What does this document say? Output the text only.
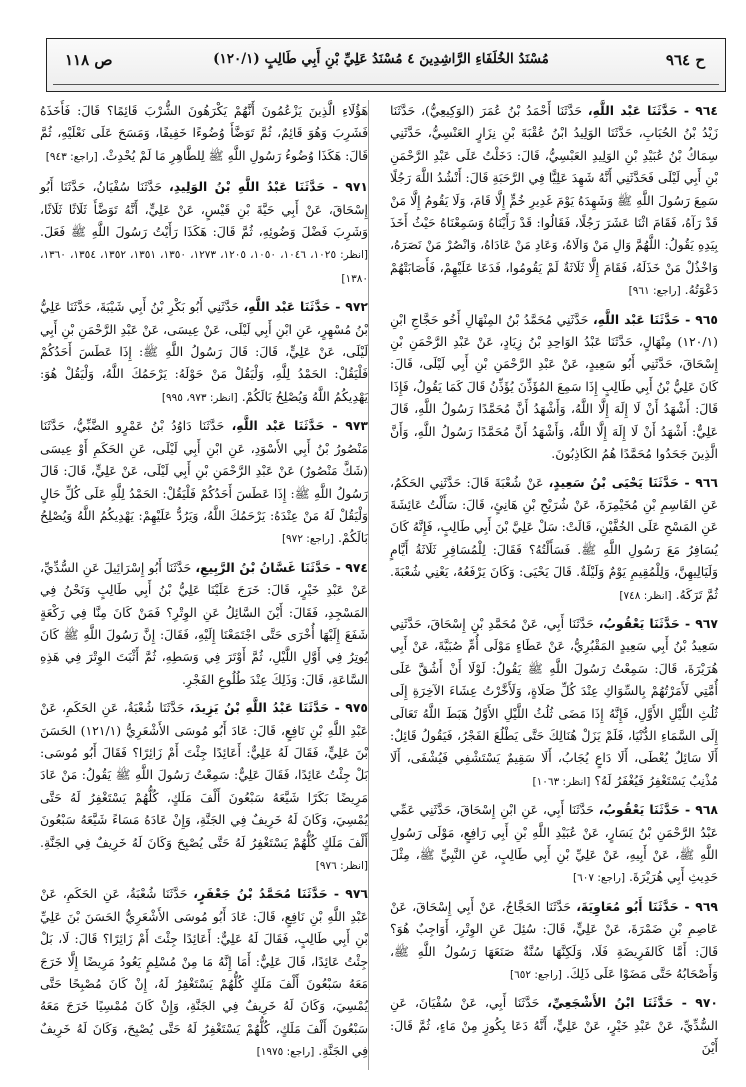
ص ١١٨	مُسْنَدُ الخُلَفَاءِ الرَّاشِدِينَ ٤ مُسْنَدُ عَلِيِّ بْنِ أَبِي طَالِبٍ (١٢٠/١)	ح ٩٦٤

٩٦٤ - حَدَّثَنَا عَبْد اللَّهِ، حَدَّثَنَا أَحْمَدُ بْنُ عُمَرَ (الوَكِيعِيُّ)، حَدَّثَنَا زَيْدُ بْنُ الحُبَابِ، حَدَّثَنَا الوَلِيدُ ابْنُ عُقْبَةَ بْنِ نِزَارٍ العَنْسِيُّ، حَدَّثَنِي سِمَاكُ بْنُ عُبَيْدِ بْنِ الوَلِيدِ العَبْسِيُّ، قَالَ: دَخَلْتُ عَلَى عَبْدِ الرَّحْمَنِ بْنِ أَبِي لَيْلَى فَحَدَّثَنِي أَنَّهُ شَهِدَ عَلِيًّا فِي الرَّحَبَةِ قَالَ: أَنْشُدُ اللَّهَ رَجُلًا سَمِعَ رَسُولَ اللَّهِ ﷺ وَشَهِدَهُ يَوْمَ غَدِيرِ خُمٍّ إِلَّا قَامَ، وَلَا يَقُومُ إِلَّا مَنْ قَدْ رَآهُ، فَقَامَ اثْنَا عَشَرَ رَجُلًا، فَقَالُوا: قَدْ رَأَيْنَاهُ وَسَمِعْنَاهُ حَيْثُ أَخَذَ بِيَدِهِ يَقُولُ: اللَّهُمَّ وَالِ مَنْ وَالَاهُ، وَعَادِ مَنْ عَادَاهُ، وَانْصُرْ مَنْ نَصَرَهُ، وَاخْذُلْ مَنْ خَذَلَهُ، فَقَامَ إِلَّا ثَلَاثَةٌ لَمْ يَقُومُوا، فَدَعَا عَلَيْهِمْ، فَأَصَابَتْهُمْ دَعْوَتُهُ. [راجع: ٩٦١]

٩٦٥ - حَدَّثَنَا عَبْد اللَّهِ، حَدَّثَنِي مُحَمَّدُ بْنُ المِنْهَالِ أَخُو حَجَّاجِ ابْنِ (١٢٠/١) مِنْهَالٍ، حَدَّثَنَا عَبْدُ الوَاحِدِ بْنُ زِيَادٍ، عَنْ عَبْدِ الرَّحْمَنِ بْنِ إِسْحَاقَ، حَدَّثَنِي أَبُو سَعِيدٍ، عَنْ عَبْدِ الرَّحْمَنِ بْنِ أَبِي لَيْلَى، قَالَ: كَانَ عَلِيُّ بْنُ أَبِي طَالِبٍ إِذَا سَمِعَ المُؤَذِّنَ يُؤَذِّنُ قَالَ كَمَا يَقُولُ، فَإِذَا قَالَ: أَشْهَدُ أَنْ لَا إِلَهَ إِلَّا اللَّهُ، وَأَشْهَدُ أَنَّ مُحَمَّدًا رَسُولُ اللَّهِ، قَالَ عَلِيٌّ: أَشْهَدُ أَنْ لَا إِلَهَ إِلَّا اللَّهُ، وَأَشْهَدُ أَنَّ مُحَمَّدًا رَسُولُ اللَّهِ، وَأَنَّ الَّذِينَ جَحَدُوا مُحَمَّدًا هُمُ الكَاذِبُونَ.

٩٦٦ - حَدَّثَنَا يَحْيَى بْنُ سَعِيدٍ، عَنْ شُعْبَةَ قَالَ: حَدَّثَنِي الحَكَمُ، عَنِ القَاسِمِ بْنِ مُخَيْمِرَةَ، عَنْ شُرَيْحِ بْنِ هَانِئٍ، قَالَ: سَأَلْتُ عَائِشَةَ عَنِ المَسْحِ عَلَى الخُفَّيْنِ، قَالَتْ: سَلْ عَلِيَّ بْنَ أَبِي طَالِبٍ، فَإِنَّهُ كَانَ يُسَافِرُ مَعَ رَسُولِ اللَّهِ ﷺ. فَسَأَلْتُهُ؟ فَقَالَ: لِلْمُسَافِرِ ثَلَاثَةُ أَيَّامٍ وَلَيَالِيهِنَّ، وَلِلْمُقِيمِ يَوْمٌ وَلَيْلَةٌ. قَالَ يَحْيَى: وَكَانَ يَرْفَعُهُ، يَعْنِي شُعْبَةَ. ثُمَّ تَرَكَهُ. [انظر: ٧٤٨]

٩٦٧ - حَدَّثَنَا يَعْقُوبُ، حَدَّثَنَا أَبِي، عَنْ مُحَمَّدِ بْنِ إِسْحَاقَ، حَدَّثَنِي سَعِيدُ بْنُ أَبِي سَعِيدٍ المَقْبُرِيُّ، عَنْ عَطَاءٍ مَوْلَى أُمِّ صُبَيَّةَ، عَنْ أَبِي هُرَيْرَةَ، قَالَ: سَمِعْتُ رَسُولَ اللَّهِ ﷺ يَقُولُ: لَوْلَا أَنْ أَشُقَّ عَلَى أُمَّتِي لَأَمَرْتُهُمْ بِالسِّوَاكِ عِنْدَ كُلِّ صَلَاةٍ، وَلَأَخَّرْتُ عِشَاءَ الآخِرَةِ إِلَى ثُلُثِ اللَّيْلِ الأَوَّلِ، فَإِنَّهُ إِذَا مَضَى ثُلُثُ اللَّيْلِ الأَوَّلُ هَبَطَ اللَّهُ تَعَالَى إِلَى السَّمَاءِ الدُّنْيَا، فَلَمْ يَزَلْ هُنَالِكَ حَتَّى يَطْلُعَ الفَجْرُ، فَيَقُولُ قَائِلٌ: أَلَا سَائِلٌ يُعْطَى، أَلَا دَاعٍ يُجَابُ، أَلَا سَقِيمٌ يَسْتَشْفِي فَيُشْفَى، أَلَا مُذْنِبٌ يَسْتَغْفِرُ فَيُغْفَرُ لَهُ؟ [انظر: ١٠٦٣]

٩٦٨ - حَدَّثَنَا يَعْقُوبُ، حَدَّثَنَا أَبِي، عَنِ ابْنِ إِسْحَاقَ، حَدَّثَنِي عَمِّي عَبْدُ الرَّحْمَنِ بْنُ يَسَارٍ، عَنْ عُبَيْدِ اللَّهِ بْنِ أَبِي رَافِعٍ، مَوْلَى رَسُولِ اللَّهِ ﷺ، عَنْ أَبِيهِ، عَنْ عَلِيِّ بْنِ أَبِي طَالِبٍ، عَنِ النَّبِيِّ ﷺ، مِثْلَ حَدِيثِ أَبِي هُرَيْرَةَ. [راجع: ٦٠٧]

٩٦٩ - حَدَّثَنَا أَبُو مُعَاوِيَةَ، حَدَّثَنَا الحَجَّاجُ، عَنْ أَبِي إِسْحَاقَ، عَنْ عَاصِمِ بْنِ ضَمْرَةَ، عَنْ عَلِيٍّ، قَالَ: سُئِلَ عَنِ الوِتْرِ، أَوَاجِبٌ هُوَ؟ قَالَ: أَمَّا كَالفَرِيضَةِ فَلَا، وَلَكِنَّهَا سُنَّةٌ صَنَعَهَا رَسُولُ اللَّهِ ﷺ، وَأَصْحَابُهُ حَتَّى مَضَوْا عَلَى ذَلِكَ. [راجع: ٦٥٢]

٩٧٠ - حَدَّثَنَا ابْنُ الأَشْجَعِيِّ، حَدَّثَنَا أَبِي، عَنْ سُفْيَانَ، عَنِ السُّدِّيِّ، عَنْ عَبْدِ خَيْرٍ، عَنْ عَلِيٍّ، أَنَّهُ دَعَا بِكُوزٍ مِنْ مَاءٍ، ثُمَّ قَالَ: أَيْنَ

هَؤُلَاءِ الَّذِينَ يَزْعُمُونَ أَنَّهُمْ يَكْرَهُونَ الشُّرْبَ قَائِمًا؟ قَالَ: فَأَخَذَهُ فَشَرِبَ وَهُوَ قَائِمٌ، ثُمَّ تَوَضَّأَ وُضُوءًا خَفِيفًا، وَمَسَحَ عَلَى نَعْلَيْهِ، ثُمَّ قَالَ: هَكَذَا وُضُوءُ رَسُولِ اللَّهِ ﷺ لِلطَّاهِرِ مَا لَمْ يُحْدِثْ. [راجع: ٩٤٣]

٩٧١ - حَدَّثَنَا عَبْدُ اللَّهِ بْنُ الوَلِيدِ، حَدَّثَنَا سُفْيَانُ، حَدَّثَنَا أَبُو إِسْحَاقَ، عَنْ أَبِي حَيَّةَ بْنِ قَيْسٍ، عَنْ عَلِيٍّ، أَنَّهُ تَوَضَّأَ ثَلَاثًا ثَلَاثًا، وَشَرِبَ فَضْلَ وَضُوئِهِ، ثُمَّ قَالَ: هَكَذَا رَأَيْتُ رَسُولَ اللَّهِ ﷺ فَعَلَ. [انظر: ١٠٢٥، ١٠٤٦، ١٠٥٠، ١٢٠٥، ١٢٧٣، ١٣٥٠، ١٣٥١، ١٣٥٢، ١٣٥٤، ١٣٦٠، ١٣٨٠]

٩٧٢ - حَدَّثَنَا عَبْد اللَّهِ، حَدَّثَنِي أَبُو بَكْرِ بْنُ أَبِي شَيْبَةَ، حَدَّثَنَا عَلِيُّ بْنُ مُسْهِرٍ، عَنِ ابْنِ أَبِي لَيْلَى، عَنْ عِيسَى، عَنْ عَبْدِ الرَّحْمَنِ بْنِ أَبِي لَيْلَى، عَنْ عَلِيٍّ، قَالَ: قَالَ رَسُولُ اللَّهِ ﷺ: إِذَا عَطَسَ أَحَدُكُمْ فَلْيَقُلْ: الحَمْدُ لِلَّهِ، وَلْيَقُلْ مَنْ حَوْلَهُ: يَرْحَمُكَ اللَّهُ، وَلْيَقُلْ هُوَ: يَهْدِيكُمُ اللَّهُ وَيُصْلِحُ بَالَكُمْ. [انظر: ٩٧٣، ٩٩٥]

٩٧٣ - حَدَّثَنَا عَبْد اللَّهِ، حَدَّثَنَا دَاوُدُ بْنُ عَمْرٍو الضَّبِّيُّ، حَدَّثَنَا مَنْصُورُ بْنُ أَبِي الأَسْوَدِ، عَنِ ابْنِ أَبِي لَيْلَى، عَنِ الحَكَمِ أَوْ عِيسَى (شَكَّ مَنْصُورٌ) عَنْ عَبْدِ الرَّحْمَنِ بْنِ أَبِي لَيْلَى، عَنْ عَلِيٍّ، قَالَ: قَالَ رَسُولُ اللَّهِ ﷺ: إِذَا عَطَسَ أَحَدُكُمْ فَلْيَقُلْ: الحَمْدُ لِلَّهِ عَلَى كُلِّ حَالٍ وَلْيَقُلْ لَهُ مَنْ عِنْدَهُ: يَرْحَمُكَ اللَّهُ، وَيَرُدُّ عَلَيْهِمْ: يَهْدِيكُمُ اللَّهُ وَيُصْلِحُ بَالَكُمْ. [راجع: ٩٧٢]

٩٧٤ - حَدَّثَنَا غَسَّانُ بْنُ الرَّبِيعِ، حَدَّثَنَا أَبُو إِسْرَائِيلَ عَنِ السُّدِّيِّ، عَنْ عَبْدِ خَيْرٍ، قَالَ: خَرَجَ عَلَيْنَا عَلِيُّ بْنُ أَبِي طَالِبٍ وَنَحْنُ فِي المَسْجِدِ، فَقَالَ: أَيْنَ السَّائِلُ عَنِ الوِتْرِ؟ فَمَنْ كَانَ مِنَّا فِي رَكْعَةٍ شَفَعَ إِلَيْهَا أُخْرَى حَتَّى اجْتَمَعْنَا إِلَيْهِ، فَقَالَ: إِنَّ رَسُولَ اللَّهِ ﷺ كَانَ يُوتِرُ فِي أَوَّلِ اللَّيْلِ، ثُمَّ أَوْتَرَ فِي وَسَطِهِ، ثُمَّ أَثْبَتَ الوِتْرَ فِي هَذِهِ السَّاعَةِ، قَالَ: وَذَلِكَ عِنْدَ طُلُوعِ الفَجْرِ.

٩٧٥ - حَدَّثَنَا عَبْدُ اللَّهِ بْنُ يَزِيدَ، حَدَّثَنَا شُعْبَةُ، عَنِ الحَكَمِ، عَنْ عَبْدِ اللَّهِ بْنِ نَافِعٍ، قَالَ: عَادَ أَبُو مُوسَى الأَشْعَرِيُّ (١٢١/١) الحَسَنَ بْنَ عَلِيٍّ، فَقَالَ لَهُ عَلِيٌّ: أَعَائِدًا جِئْتَ أَمْ زَائِرًا؟ فَقَالَ أَبُو مُوسَى: بَلْ جِئْتُ عَائِدًا، فَقَالَ عَلِيٌّ: سَمِعْتُ رَسُولَ اللَّهِ ﷺ يَقُولُ: مَنْ عَادَ مَرِيضًا بَكَرًا شَيَّعَهُ سَبْعُونَ أَلْفَ مَلَكٍ، كُلُّهُمْ يَسْتَغْفِرُ لَهُ حَتَّى يُمْسِيَ، وَكَانَ لَهُ خَرِيفٌ فِي الجَنَّةِ، وَإِنْ عَادَهُ مَسَاءً شَيَّعَهُ سَبْعُونَ أَلْفَ مَلَكٍ كُلُّهُمْ يَسْتَغْفِرُ لَهُ حَتَّى يُصْبِحَ وَكَانَ لَهُ خَرِيفٌ فِي الجَنَّةِ. [انظر: ٩٧٦]

٩٧٦ - حَدَّثَنَا مُحَمَّدُ بْنُ جَعْفَرٍ، حَدَّثَنَا شُعْبَةُ، عَنِ الحَكَمِ، عَنْ عَبْدِ اللَّهِ بْنِ نَافِعٍ، قَالَ: عَادَ أَبُو مُوسَى الأَشْعَرِيُّ الحَسَنَ بْنَ عَلِيِّ بْنِ أَبِي طَالِبٍ، فَقَالَ لَهُ عَلِيٌّ: أَعَائِدًا جِئْتَ أَمْ زَائِرًا؟ قَالَ: لَا، بَلْ جِئْتُ عَائِدًا، قَالَ عَلِيٌّ: أَمَا إِنَّهُ مَا مِنْ مُسْلِمٍ يَعُودُ مَرِيضًا إِلَّا خَرَجَ مَعَهُ سَبْعُونَ أَلْفَ مَلَكٍ كُلُّهُمْ يَسْتَغْفِرُ لَهُ، إِنْ كَانَ مُصْبِحًا حَتَّى يُمْسِيَ، وَكَانَ لَهُ خَرِيفٌ فِي الجَنَّةِ، وَإِنْ كَانَ مُمْسِيًا خَرَجَ مَعَهُ سَبْعُونَ أَلْفَ مَلَكٍ، كُلُّهُمْ يَسْتَغْفِرُ لَهُ حَتَّى يُصْبِحَ، وَكَانَ لَهُ خَرِيفٌ فِي الجَنَّةِ. [راجع: ١٩٧٥]
